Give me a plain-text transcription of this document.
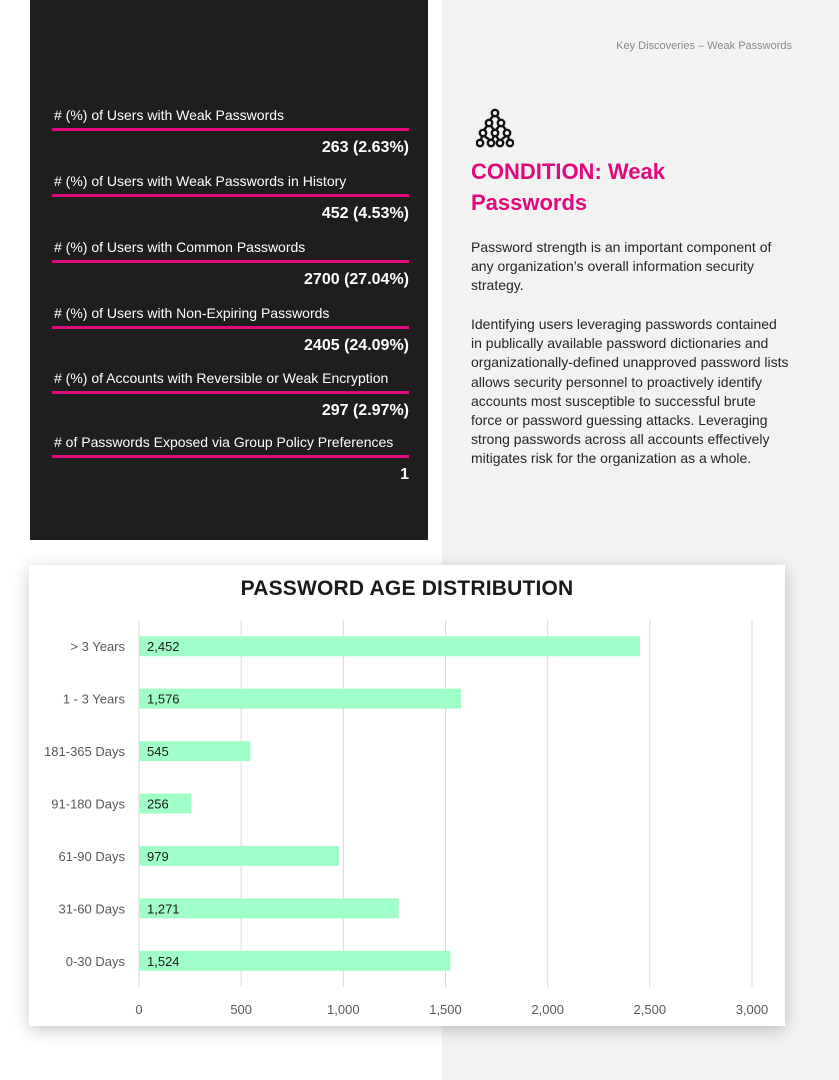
Key Discoveries – Weak Passwords
# (%) of Users with Weak Passwords
263 (2.63%)
# (%) of Users with Weak Passwords in History
452 (4.53%)
# (%) of Users with Common Passwords
2700 (27.04%)
# (%) of Users with Non-Expiring Passwords
2405 (24.09%)
# (%) of Accounts with Reversible or Weak Encryption
297 (2.97%)
# of Passwords Exposed via Group Policy Preferences
1
CONDITION: Weak
Passwords

Password strength is an important component of any organization’s overall information security strategy.

Identifying users leveraging passwords contained in publically available password dictionaries and organizationally-defined unapproved password lists allows security personnel to proactively identify accounts most susceptible to successful brute force or password guessing attacks. Leveraging strong passwords across all accounts effectively mitigates risk for the organization as a whole.

PASSWORD AGE DISTRIBUTION
0	500	1,000	1,500	2,000	2,500	3,000
2,452
> 3 Years
1,576
1 - 3 Years
545
181-365 Days
256
91-180 Days
979
61-90 Days
1,271
31-60 Days
1,524
0-30 Days
